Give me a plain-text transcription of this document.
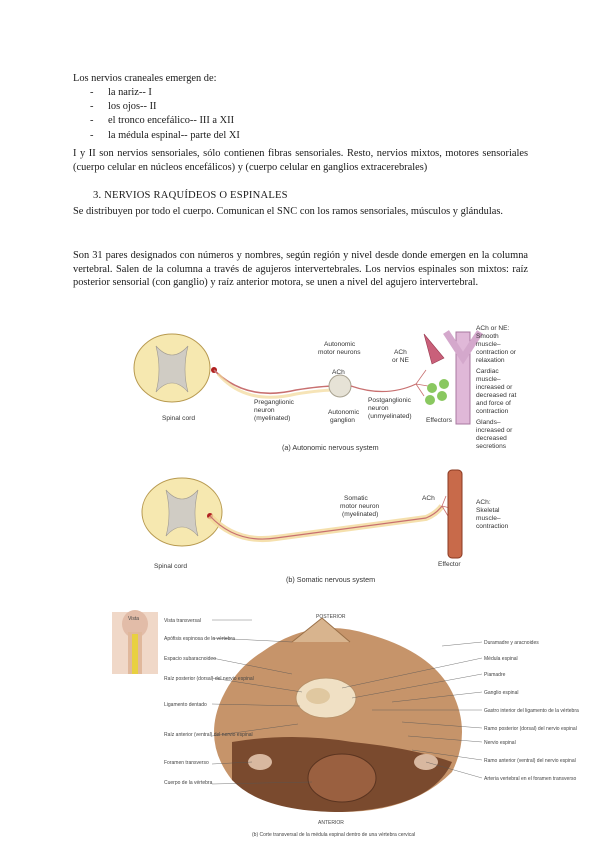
Los nervios craneales emergen de:
- la nariz-- I
- los ojos-- II
- el tronco encefálico-- III a XII
- la médula espinal-- parte del XI
I y II son nervios sensoriales, sólo contienen fibras sensoriales. Resto, nervios mixtos, motores sensoriales (cuerpo celular en núcleos encefálicos) y (cuerpo celular en ganglios extracerebrales)
3. NERVIOS RAQUÍDEOS O ESPINALES
Se distribuyen por todo el cuerpo. Comunican el SNC con los ramos sensoriales, músculos y glándulas.
Son 31 pares designados con números y nombres, según región y nivel desde donde emergen en la columna vertebral. Salen de la columna a través de agujeros intervertebrales. Los nervios espinales son mixtos: raíz posterior sensorial (con ganglio) y raíz anterior motora, se unen a nivel del agujero intervertebral.
Spinal cord
Autonomic
motor neurons
ACh
ACh
or NE
Preganglionic
neuron
(myelinated)
Autonomic
ganglion
Postganglionic
neuron
(unmyelinated)
Effectors
ACh or NE:
Smooth
muscle–
contraction or
relaxation
Cardiac
muscle–
increased or
decreased rat
and force of
contraction
Glands–
increased or
decreased
secretions
(a) Autonomic nervous system
Spinal cord
Somatic
motor neuron
(myelinated)
ACh
Effector
ACh:
Skeletal
muscle–
contraction
(b) Somatic nervous system
Vista	POSTERIOR
ANTERIOR
Vista transversal
Apófisis espinosa de la vértebra
Espacio subaracnoideo
Raíz posterior (dorsal) del nervio espinal
Ligamento dentado
Raíz anterior (ventral) del nervio espinal
Foramen transverso
Cuerpo de la vértebra
Duramadre y aracnoides
Médula espinal
Piamadre
Ganglio espinal
Gastro interior del ligamento de la vértebra
Ramo posterior (dorsal) del nervio espinal
Nervio espinal
Ramo anterior (ventral) del nervio espinal
Arteria vertebral en el foramen transverso
(b) Corte transversal de la médula espinal dentro de una vértebra cervical
